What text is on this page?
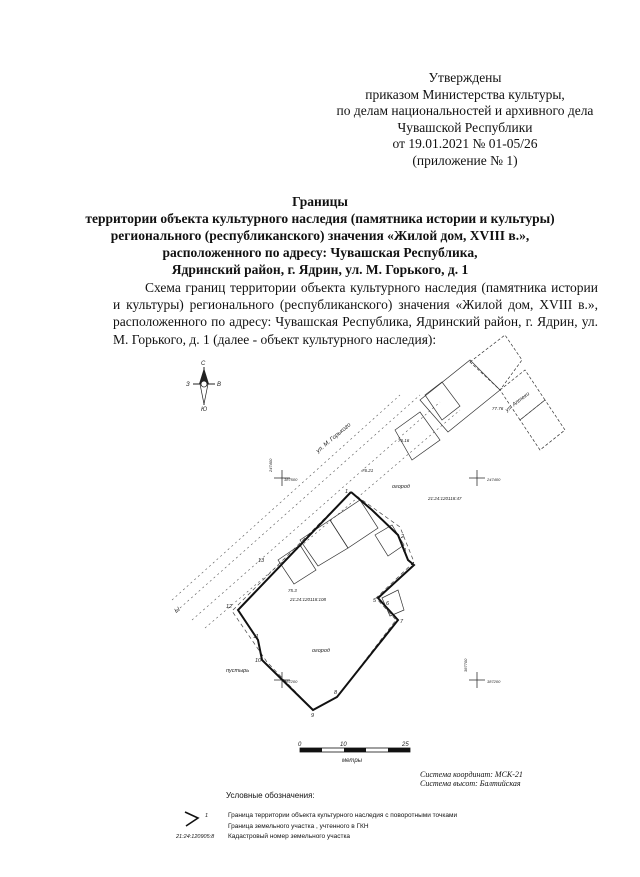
Утверждены
приказом Министерства культуры,
по делам национальностей и архивного дела
Чувашской Республики
от 19.01.2021 № 01-05/26
(приложение № 1)
Границы
территории объекта культурного наследия (памятника истории и культуры)
регионального (республиканского) значения «Жилой дом, XVIII в.»,
расположенного по адресу: Чувашская Республика,
Ядринский район, г. Ядрин, ул. М. Горького, д. 1
Схема границ территории объекта культурного наследия (памятника истории и культуры) регионального (республиканского) значения «Жилой дом, XVIII в.», расположенного по адресу: Чувашская Республика, Ядринский район, г. Ядрин, ул. М. Горького, д. 1 (далее - объект культурного наследия):
С
Ю
З	В
247400
387500	247400
387200	387200
387700
ул. М. Горького
ул. Аптеки
Ы
77.76
76.16
76.21
75.3
огород
21:24:120118:47
21:24:120118:108
1
2
3
4
5 6
7
8
9
10
11
12
13
огород
пустырь
0	10	25
метры
Система координат: МСК-21
Система высот: Балтийская
Условные обозначения:
1	Граница территории объекта культурного наследия с поворотными точками
Граница земельного участка , учтенного в ГКН
21:24:120905:8 Кадастровый номер земельного участка
